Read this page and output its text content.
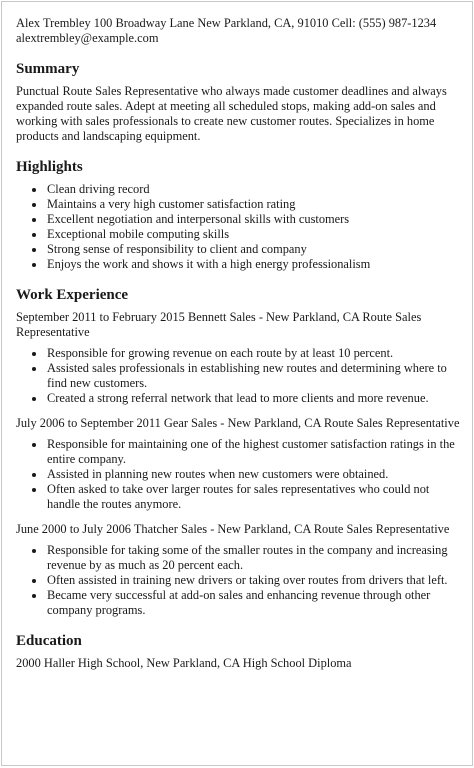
Alex Trembley 100 Broadway Lane New Parkland, CA, 91010 Cell: (555) 987-1234
alextrembley@example.com
Summary

Punctual Route Sales Representative who always made customer deadlines and always expanded route sales. Adept at meeting all scheduled stops, making add-on sales and working with sales professionals to create new customer routes. Specializes in home products and landscaping equipment.

Highlights
• Clean driving record
• Maintains a very high customer satisfaction rating
• Excellent negotiation and interpersonal skills with customers
• Exceptional mobile computing skills
• Strong sense of responsibility to client and company
• Enjoys the work and shows it with a high energy professionalism
Work Experience

September 2011 to February 2015 Bennett Sales - New Parkland, CA Route Sales Representative

• Responsible for growing revenue on each route by at least 10 percent.
• Assisted sales professionals in establishing new routes and determining where to find new customers.
• Created a strong referral network that lead to more clients and more revenue.

July 2006 to September 2011 Gear Sales - New Parkland, CA Route Sales Representative

• Responsible for maintaining one of the highest customer satisfaction ratings in the entire company.
• Assisted in planning new routes when new customers were obtained.
• Often asked to take over larger routes for sales representatives who could not handle the routes anymore.

June 2000 to July 2006 Thatcher Sales - New Parkland, CA Route Sales Representative

• Responsible for taking some of the smaller routes in the company and increasing revenue by as much as 20 percent each.
• Often assisted in training new drivers or taking over routes from drivers that left.
• Became very successful at add-on sales and enhancing revenue through other company programs.
Education

2000 Haller High School, New Parkland, CA High School Diploma
